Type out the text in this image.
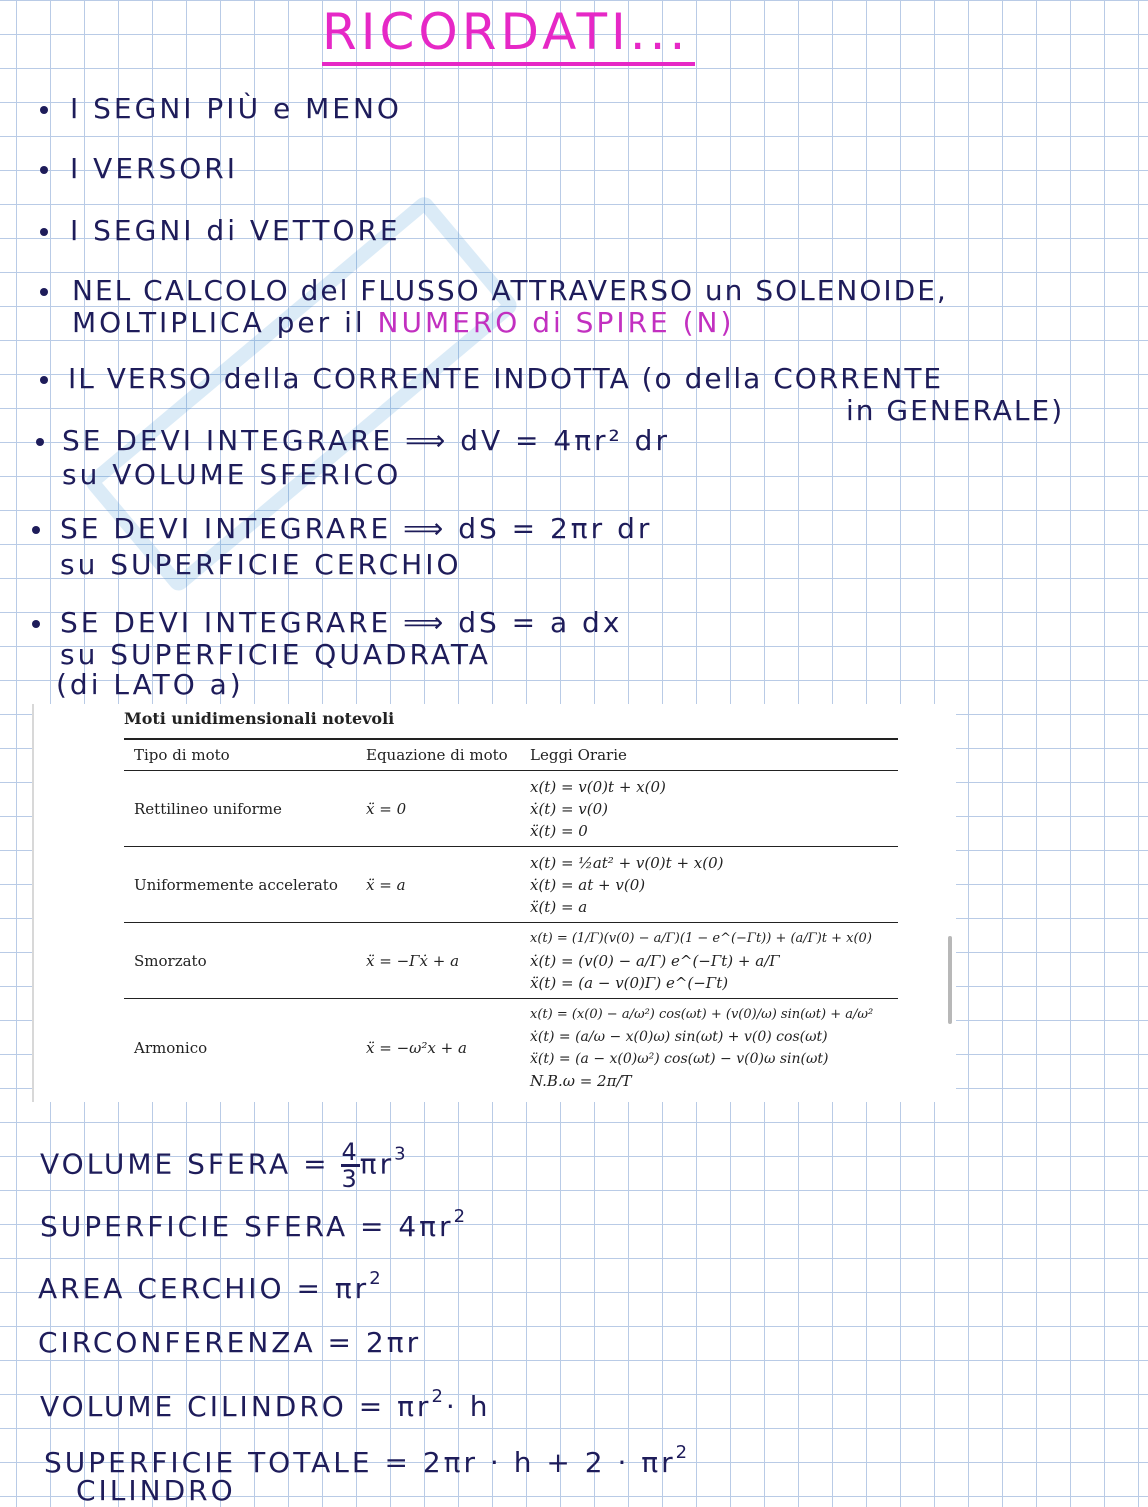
RICORDATI...
I SEGNI PIÙ e MENO
I VERSORI
I SEGNI di VETTORE
NEL CALCOLO del FLUSSO ATTRAVERSO un SOLENOIDE,
MOLTIPLICA per il NUMERO di SPIRE (N)
IL VERSO della CORRENTE INDOTTA (o della CORRENTE
in GENERALE)
SE DEVI INTEGRARE ⟹ dV = 4πr² dr
su VOLUME SFERICO
SE DEVI INTEGRARE ⟹ dS = 2πr dr
su SUPERFICIE CERCHIO
SE DEVI INTEGRARE ⟹ dS = a dx
su SUPERFICIE QUADRATA
(di LATO a)
Moti unidimensionali notevoli
Tipo di moto	Equazione di moto	Leggi Orarie
Rettilineo uniforme	ẍ = 0	x(t) = v(0)t + x(0)
ẋ(t) = v(0)
ẍ(t) = 0

Uniformemente accelerato	ẍ = a	x(t) = ½at² + v(0)t + x(0)
ẋ(t) = at + v(0)
ẍ(t) = a

Smorzato	ẍ = −Γẋ + a	x(t) = (1/Γ)(v(0) − a/Γ)(1 − e^(−Γt)) + (a/Γ)t + x(0)
ẋ(t) = (v(0) − a/Γ) e^(−Γt) + a/Γ
ẍ(t) = (a − v(0)Γ) e^(−Γt)

Armonico	ẍ = −ω²x + a	x(t) = (x(0) − a/ω²) cos(ωt) + (v(0)/ω) sin(ωt) + a/ω²
ẋ(t) = (a/ω − x(0)ω) sin(ωt) + v(0) cos(ωt)
ẍ(t) = (a − x(0)ω²) cos(ωt) − v(0)ω sin(ωt)
N.B.ω = 2π/T
VOLUME SFERA = $\frac{4}{3} \pi r^3$
SUPERFICIE SFERA = $4\pi r^2$
AREA CERCHIO = $\pi r^2$
CIRCONFERENZA = 2πr
VOLUME CILINDRO = $\pi r^2\cdot h$
SUPERFICIE TOTALE = $2\pi r \cdot h + 2 \cdot \pi r^2$
CILINDRO
